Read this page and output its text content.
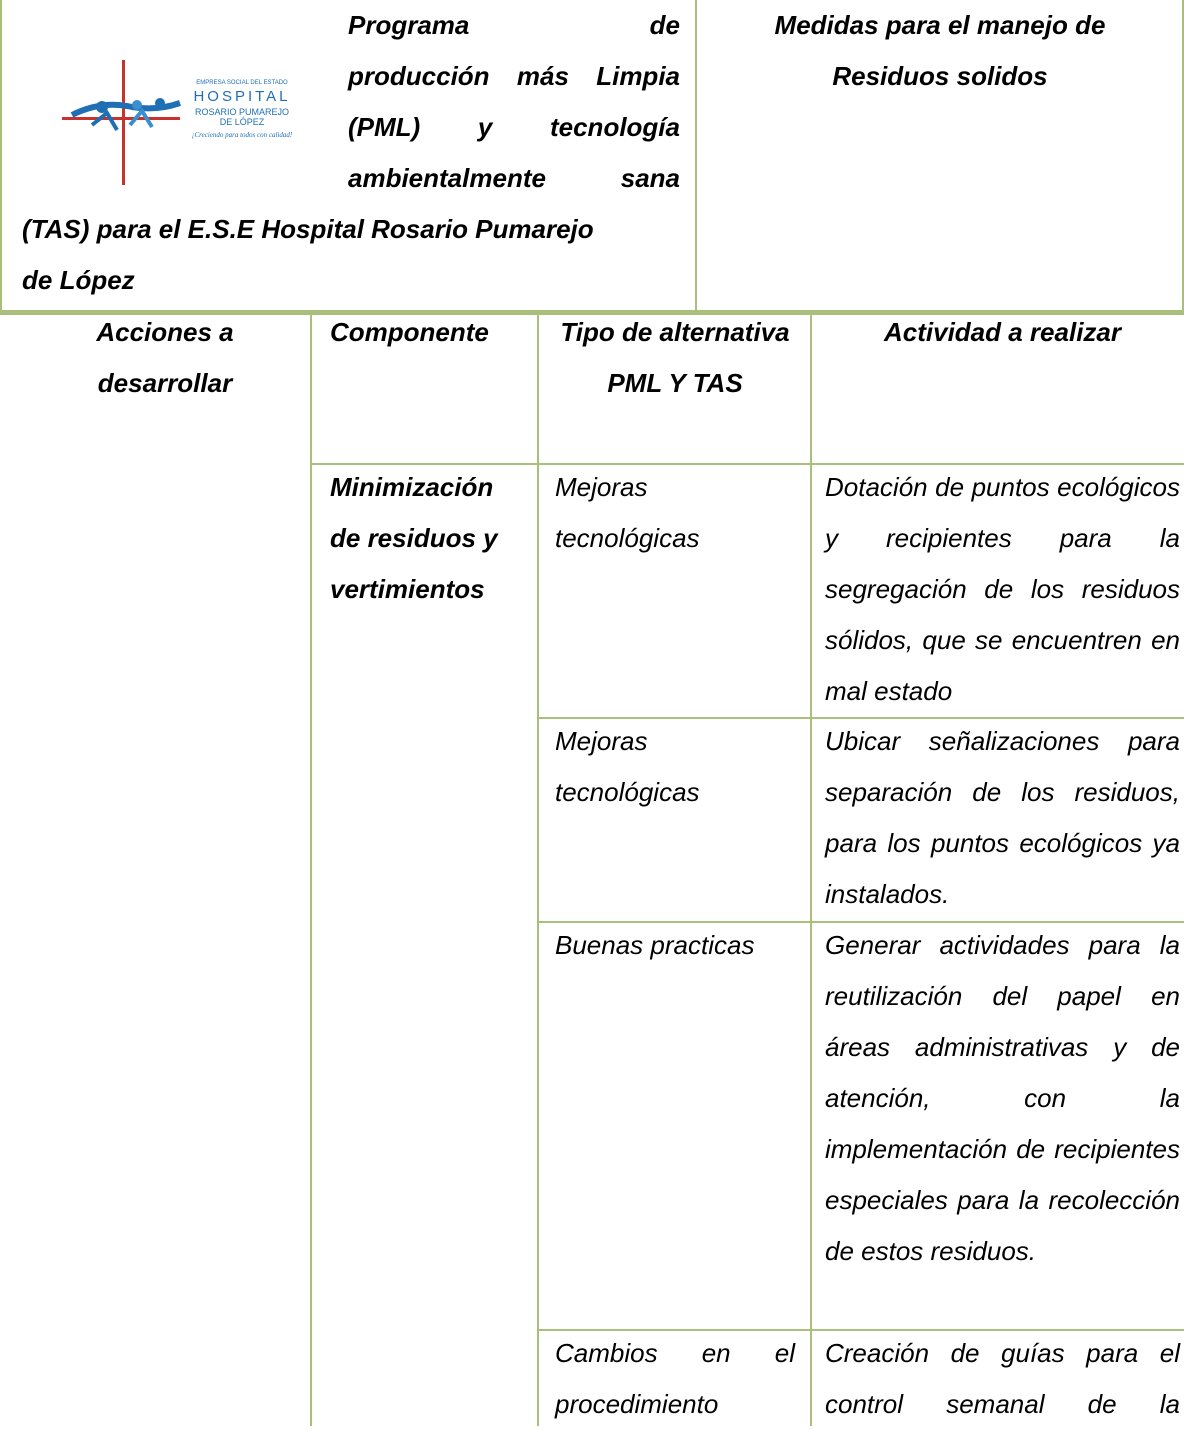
EMPRESA SOCIAL DEL ESTADO
HOSPITAL
ROSARIO PUMAREJO
DE LÓPEZ
¡Creciendo para todos con calidad!
Programa de
producción más Limpia
(PML) y tecnología
ambientalmente sana
(TAS) para el E.S.E Hospital Rosario Pumarejo
de López
Medidas para el manejo de
Residuos solidos
Acciones a desarrollar
Componente	Tipo de alternativa PML Y TAS
Actividad a realizar
Minimización de residuos y vertimientos
Mejoras tecnológicas
Dotación de puntos ecológicos y recipientes para la segregación de los residuos sólidos, que se encuentren en mal estado
Mejoras tecnológicas
Ubicar señalizaciones para separación de los residuos, para los puntos ecológicos ya instalados.
Buenas practicas	Generar actividades para la reutilización del papel en áreas administrativas y de atención, con la implementación de recipientes especiales para la recolección de estos residuos.
Cambios en el procedimiento
Creación de guías para el control semanal de la
